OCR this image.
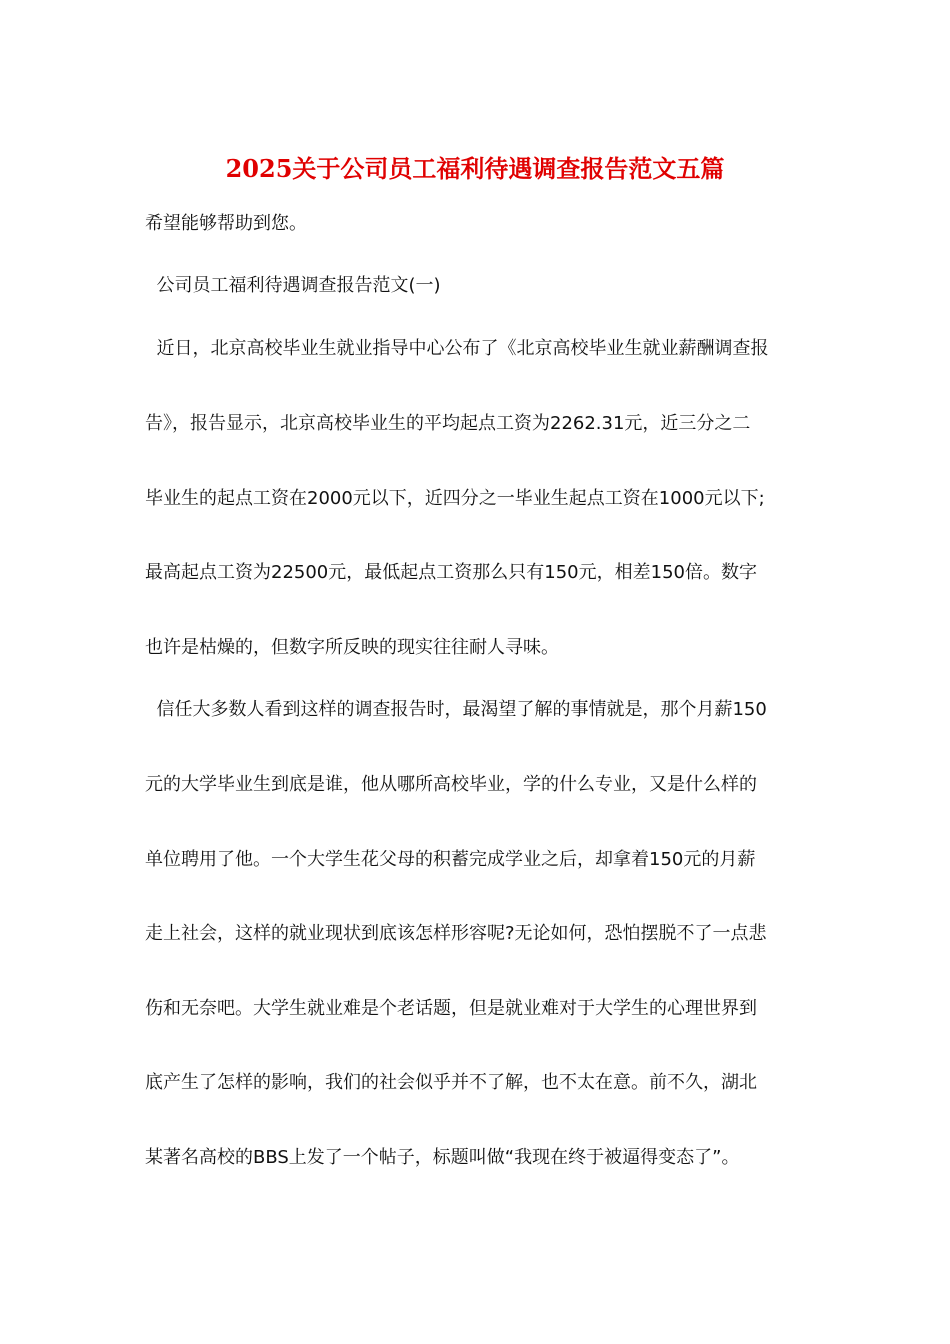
2025关于公司员工福利待遇调查报告范文五篇
希望能够帮助到您。
公司员工福利待遇调查报告范文(一)
近日，北京高校毕业生就业指导中心公布了《北京高校毕业生就业薪酬调查报
告》，报告显示，北京高校毕业生的平均起点工资为2262.31元，近三分之二
毕业生的起点工资在2000元以下，近四分之一毕业生起点工资在1000元以下;
最高起点工资为22500元，最低起点工资那么只有150元，相差150倍。数字
也许是枯燥的，但数字所反映的现实往往耐人寻味。
信任大多数人看到这样的调查报告时，最渴望了解的事情就是，那个月薪150
元的大学毕业生到底是谁，他从哪所高校毕业，学的什么专业，又是什么样的
单位聘用了他。一个大学生花父母的积蓄完成学业之后，却拿着150元的月薪
走上社会，这样的就业现状到底该怎样形容呢?无论如何，恐怕摆脱不了一点悲
伤和无奈吧。大学生就业难是个老话题，但是就业难对于大学生的心理世界到
底产生了怎样的影响，我们的社会似乎并不了解，也不太在意。前不久，湖北
某著名高校的BBS上发了一个帖子，标题叫做“我现在终于被逼得变态了”。
